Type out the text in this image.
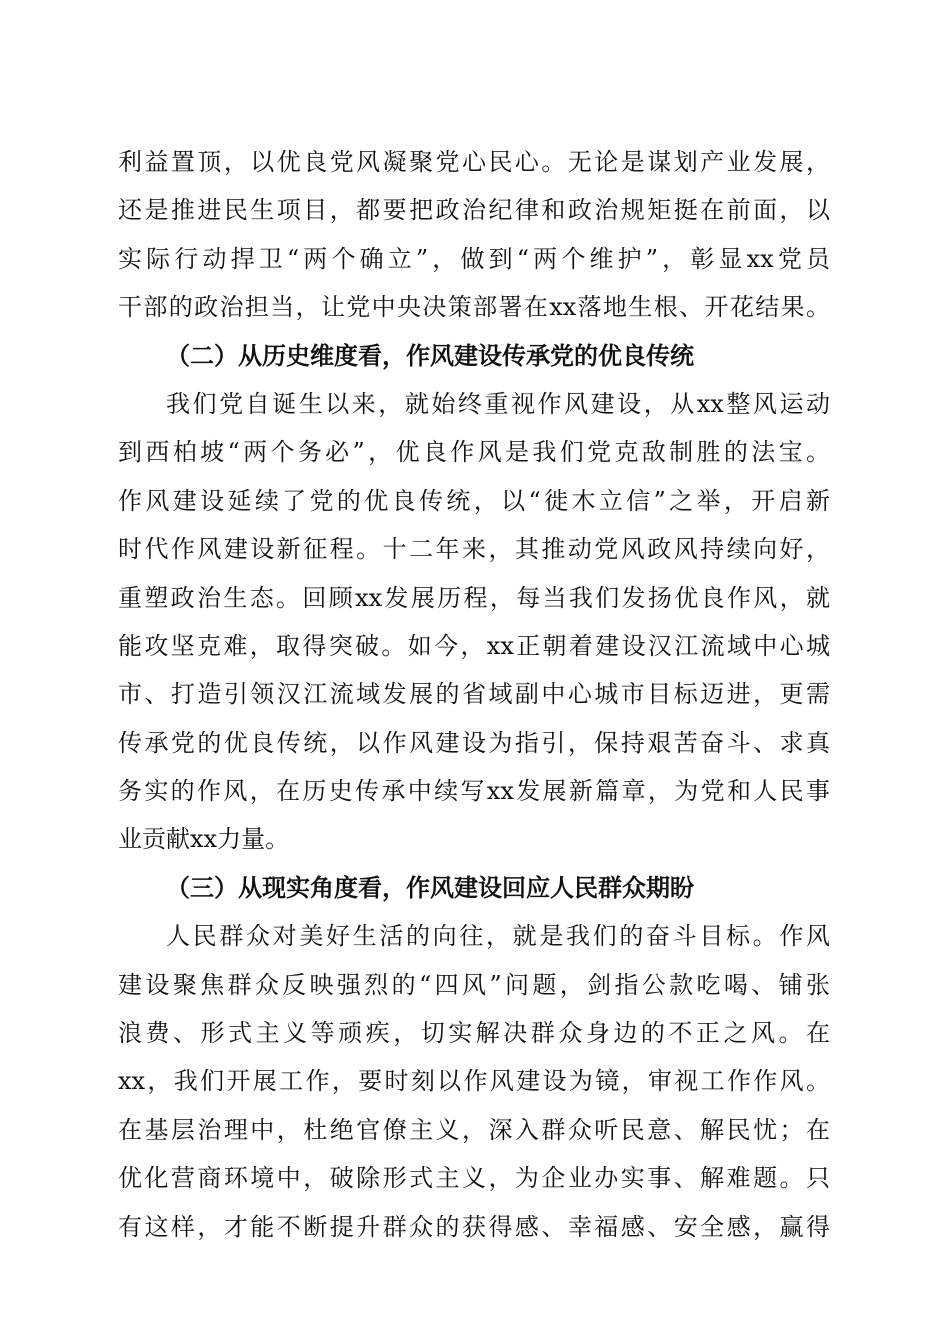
利益置顶，以优良党风凝聚党心民心。无论是谋划产业发展，
还是推进民生项目，都要把政治纪律和政治规矩挺在前面，以
实际行动捍卫“两个确立”，做到“两个维护”，彰显xx党员
干部的政治担当，让党中央决策部署在xx落地生根、开花结果。
（二）从历史维度看，作风建设传承党的优良传统
我们党自诞生以来，就始终重视作风建设，从xx整风运动
到西柏坡“两个务必”，优良作风是我们党克敌制胜的法宝。
作风建设延续了党的优良传统，以“徙木立信”之举，开启新
时代作风建设新征程。十二年来，其推动党风政风持续向好，
重塑政治生态。回顾xx发展历程，每当我们发扬优良作风，就
能攻坚克难，取得突破。如今，xx正朝着建设汉江流域中心城
市、打造引领汉江流域发展的省域副中心城市目标迈进，更需
传承党的优良传统，以作风建设为指引，保持艰苦奋斗、求真
务实的作风，在历史传承中续写xx发展新篇章，为党和人民事
业贡献xx力量。
（三）从现实角度看，作风建设回应人民群众期盼
人民群众对美好生活的向往，就是我们的奋斗目标。作风
建设聚焦群众反映强烈的“四风”问题，剑指公款吃喝、铺张
浪费、形式主义等顽疾，切实解决群众身边的不正之风。在
xx，我们开展工作，要时刻以作风建设为镜，审视工作作风。
在基层治理中，杜绝官僚主义，深入群众听民意、解民忧；在
优化营商环境中，破除形式主义，为企业办实事、解难题。只
有这样，才能不断提升群众的获得感、幸福感、安全感，赢得
